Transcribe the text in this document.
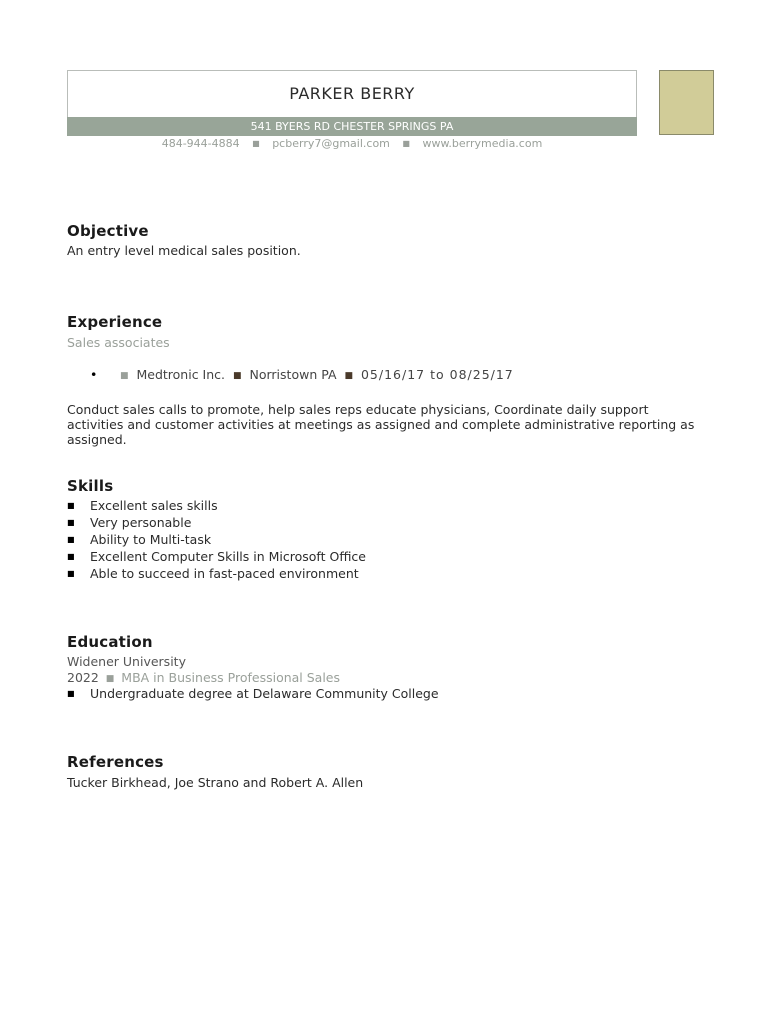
PARKER BERRY
541 BYERS RD CHESTER SPRINGS PA
484-944-4884 ■ pcberry7@gmail.com ■ www.berrymedia.com
Objective
An entry level medical sales position.
Experience
Sales associates
•	■ Medtronic Inc. ■ Norristown PA ■ 05/16/17 to 08/25/17
Conduct sales calls to promote, help sales reps educate physicians, Coordinate daily support activities and customer activities at meetings as assigned and complete administrative reporting as assigned.
Skills
■ Excellent sales skills
■ Very personable
■ Ability to Multi-task
■ Excellent Computer Skills in Microsoft Office
■ Able to succeed in fast-paced environment
Education
Widener University
2022 ■ MBA in Business Professional Sales
■ Undergraduate degree at Delaware Community College
References
Tucker Birkhead, Joe Strano and Robert A. Allen
